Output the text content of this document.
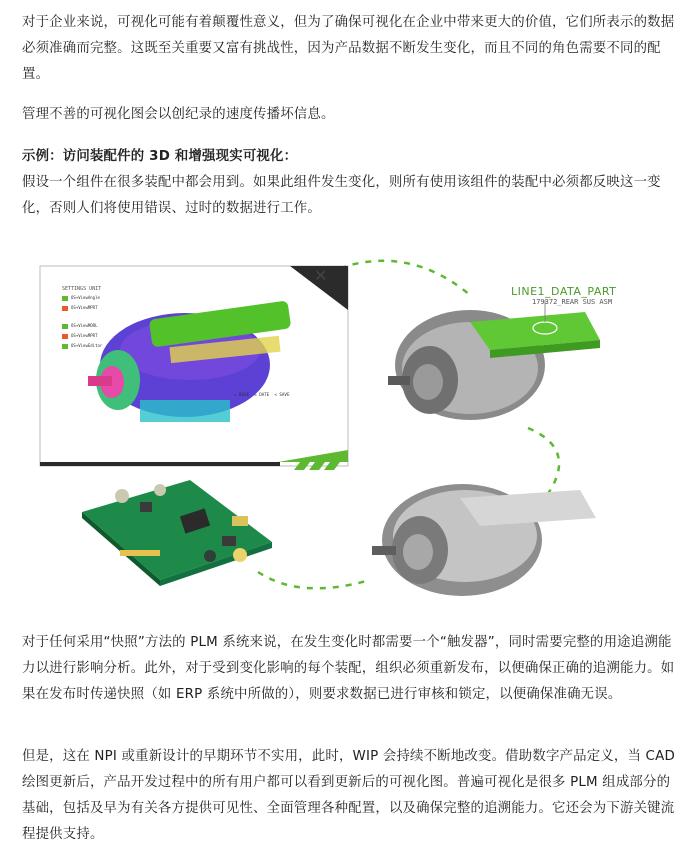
对于企业来说，可视化可能有着颠覆性意义，但为了确保可视化在企业中带来更大的价值，它们所表示的数据必须准确而完整。这既至关重要又富有挑战性，因为产品数据不断发生变化，而且不同的角色需要不同的配置。

管理不善的可视化图会以创纪录的速度传播坏信息。

示例：访问装配件的 3D 和增强现实可视化：

假设一个组件在很多装配中都会用到。如果此组件发生变化，则所有使用该组件的装配中必须都反映这一变化，否则人们将使用错误、过时的数据进行工作。

✕
SETTINGS UNIT
OS+ViewAngle
OS+ViewMPRT
OS+ViewMORL
OS+ViewMPRT
OS+ViewEditor
= BASE  = DATE  < SAVE
LINE1_DATA_PART
179372_REAR SUS ASM

对于任何采用“快照”方法的 PLM 系统来说，在发生变化时都需要一个“触发器”，同时需要完整的用途追溯能力以进行影响分析。此外，对于受到变化影响的每个装配，组织必须重新发布，以便确保正确的追溯能力。如果在发布时传递快照（如 ERP 系统中所做的），则要求数据已进行审核和锁定，以便确保准确无误。

但是，这在 NPI 或重新设计的早期环节不实用，此时，WIP 会持续不断地改变。借助数字产品定义，当 CAD 绘图更新后，产品开发过程中的所有用户都可以看到更新后的可视化图。普遍可视化是很多 PLM 组成部分的基础，包括及早为有关各方提供可见性、全面管理各种配置，以及确保完整的追溯能力。它还会为下游关键流程提供支持。
